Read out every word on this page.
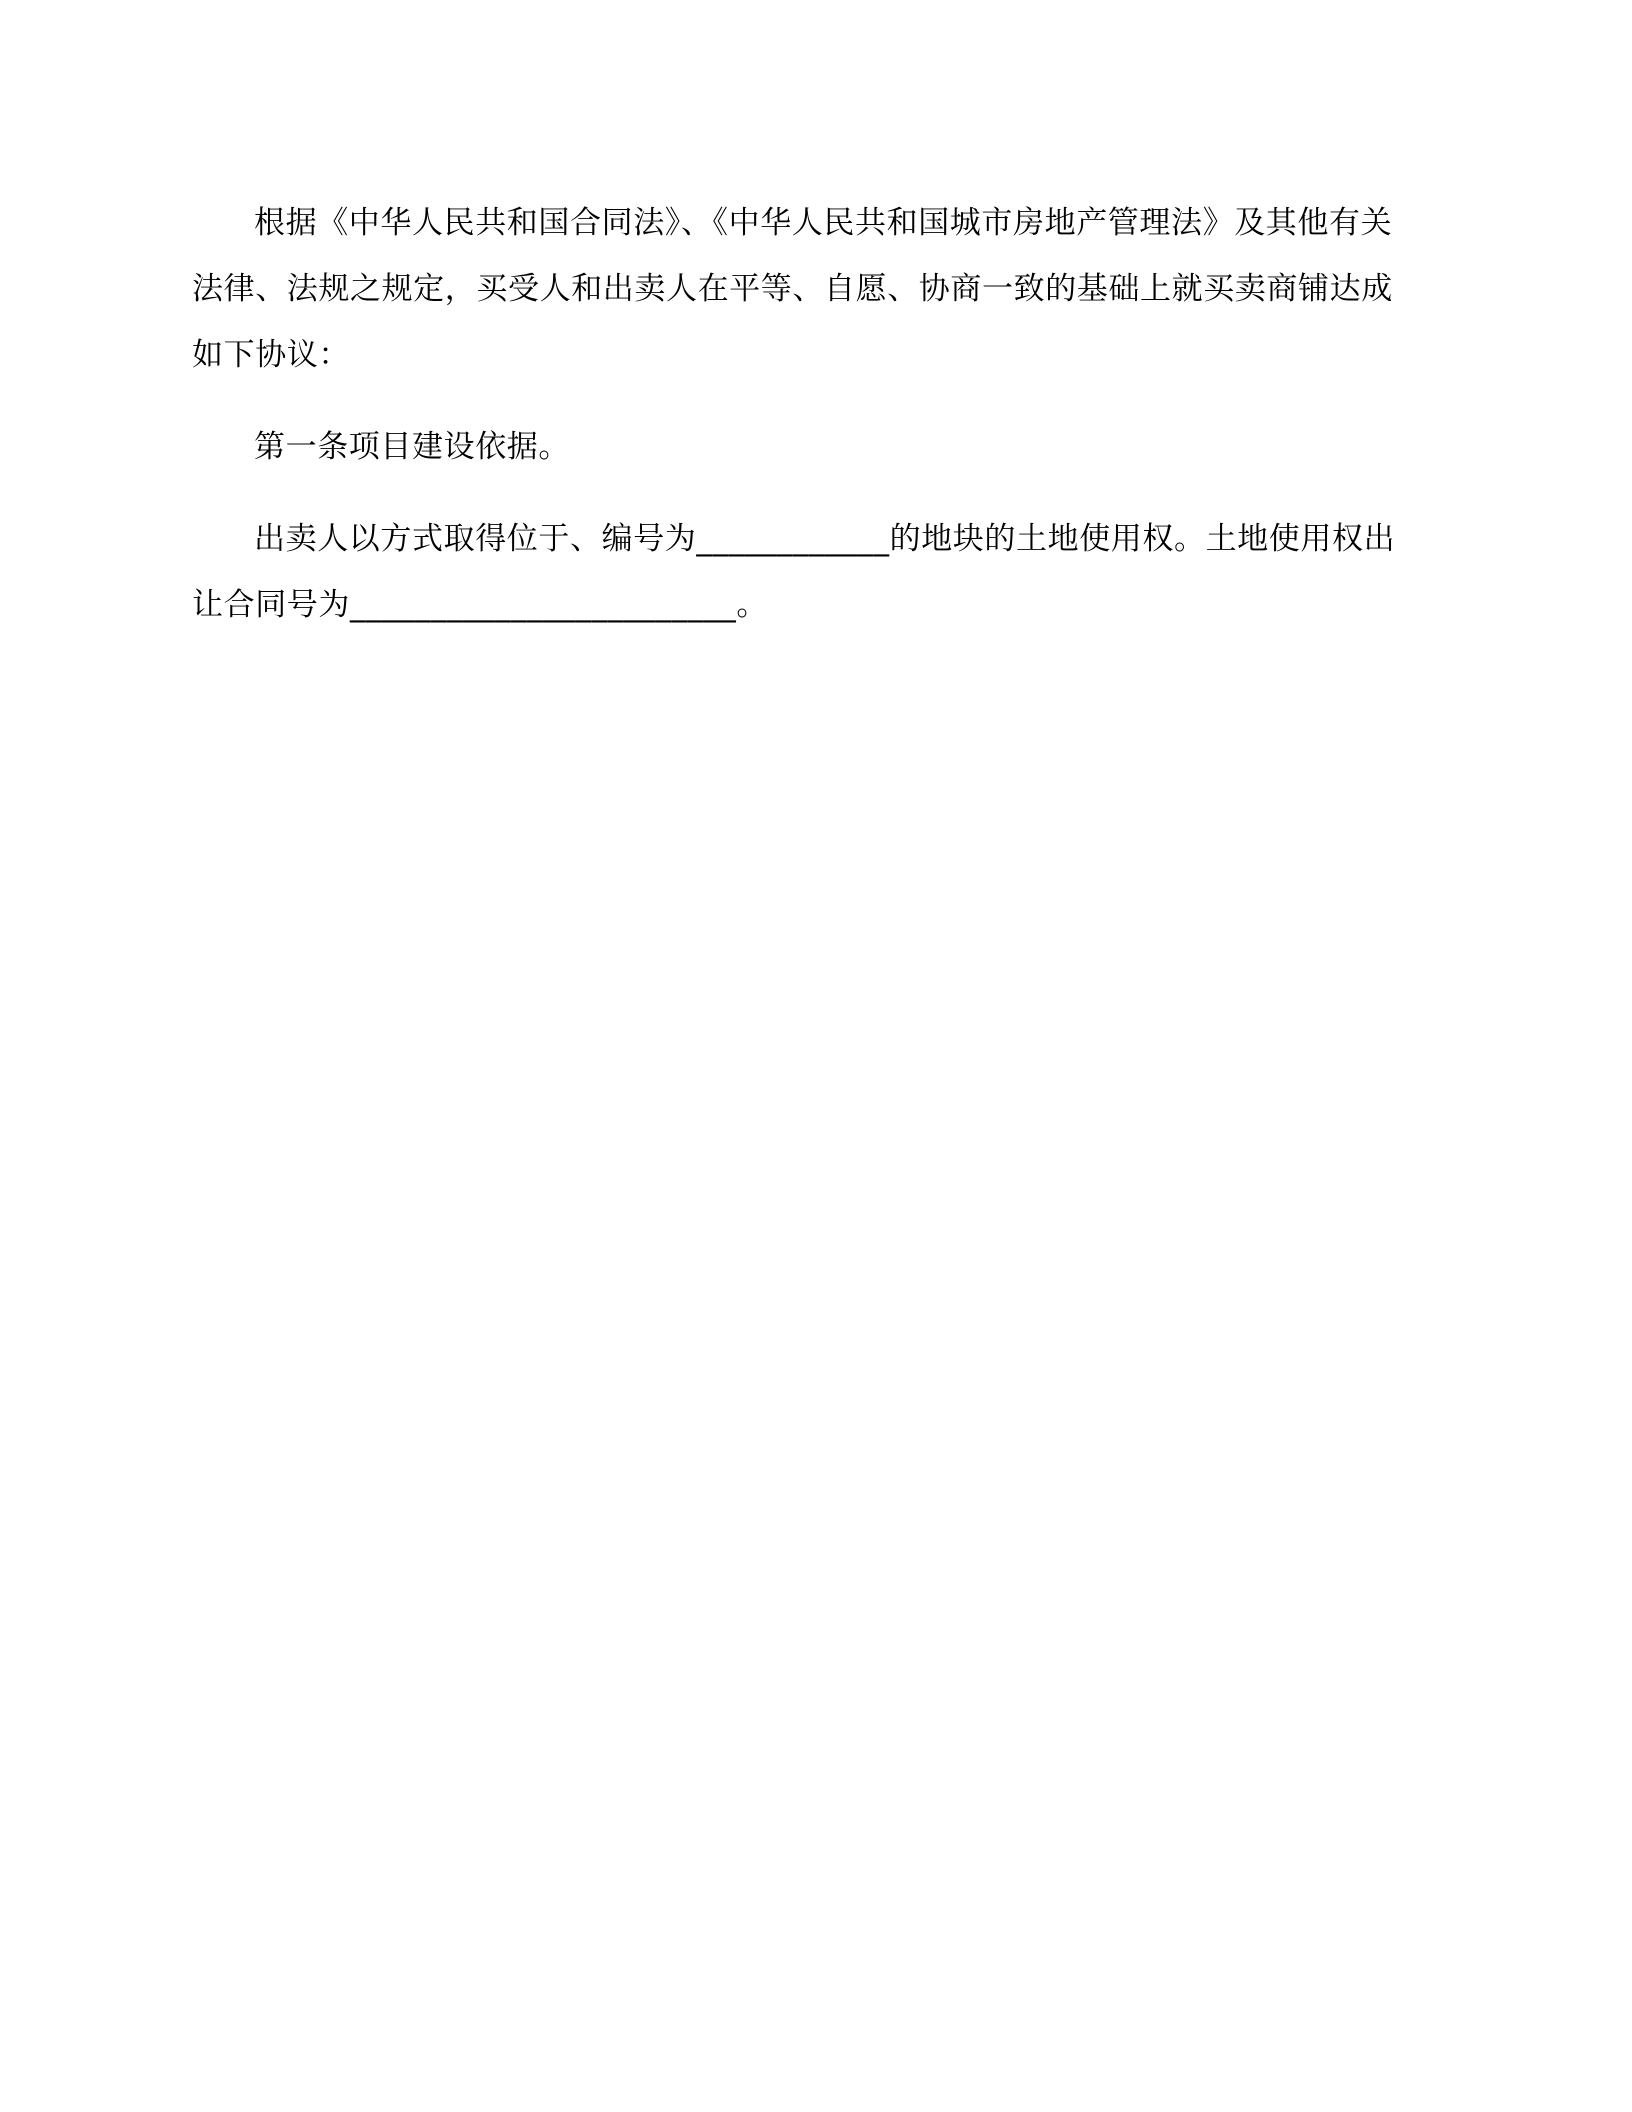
根据《中华人民共和国合同法》、《中华人民共和国城市房地产管理法》及其他有关法律、法规之规定，买受人和出卖人在平等、自愿、协商一致的基础上就买卖商铺达成如下协议：

第一条项目建设依据。

出卖人以方式取得位于、编号为____________的地块的土地使用权。土地使用权出让合同号为________________________。
